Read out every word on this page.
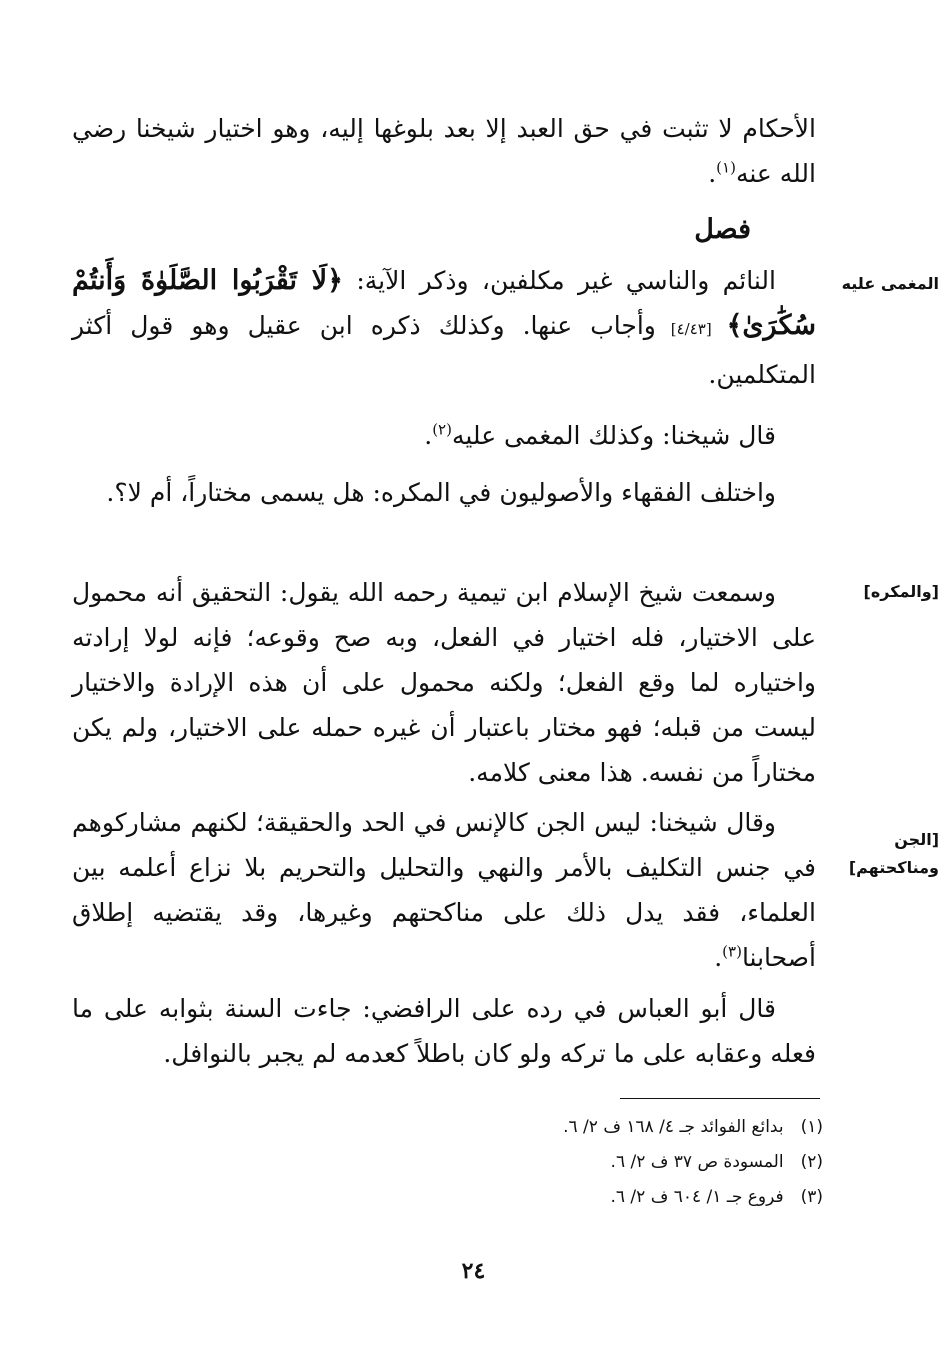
الأحكام لا تثبت في حق العبد إلا بعد بلوغها إليه، وهو اختيار شيخنا رضي الله عنه$^{(١)}$.

فصل

المغمى عليه

النائم والناسي غير مكلفين، وذكر الآية: ﴿لَا تَقْرَبُوا الصَّلَوٰةَ وَأَنتُمْ سُكَٰرَىٰ﴾ [٤/٤٣] وأجاب عنها. وكذلك ذكره ابن عقيل وهو قول أكثر المتكلمين.

قال شيخنا: وكذلك المغمى عليه$^{(٢)}$.

واختلف الفقهاء والأصوليون في المكره: هل يسمى مختاراً، أم لا؟.

[والمكره]

وسمعت شيخ الإسلام ابن تيمية رحمه الله يقول: التحقيق أنه محمول على الاختيار، فله اختيار في الفعل، وبه صح وقوعه؛ فإنه لولا إرادته واختياره لما وقع الفعل؛ ولكنه محمول على أن هذه الإرادة والاختيار ليست من قبله؛ فهو مختار باعتبار أن غيره حمله على الاختيار، ولم يكن مختاراً من نفسه. هذا معنى كلامه.

[الجن ومناكحتهم]

وقال شيخنا: ليس الجن كالإنس في الحد والحقيقة؛ لكنهم مشاركوهم في جنس التكليف بالأمر والنهي والتحليل والتحريم بلا نزاع أعلمه بين العلماء، فقد يدل ذلك على مناكحتهم وغيرها، وقد يقتضيه إطلاق أصحابنا$^{(٣)}$.

قال أبو العباس في رده على الرافضي: جاءت السنة بثوابه على ما فعله وعقابه على ما تركه ولو كان باطلاً كعدمه لم يجبر بالنوافل.

(١) بدائع الفوائد جـ ٤/ ١٦٨ ف ٢/ ٦.
(٢) المسودة ص ٣٧ ف ٢/ ٦.
(٣) فروع جـ ١/ ٦٠٤ ف ٢/ ٦.
٢٤
